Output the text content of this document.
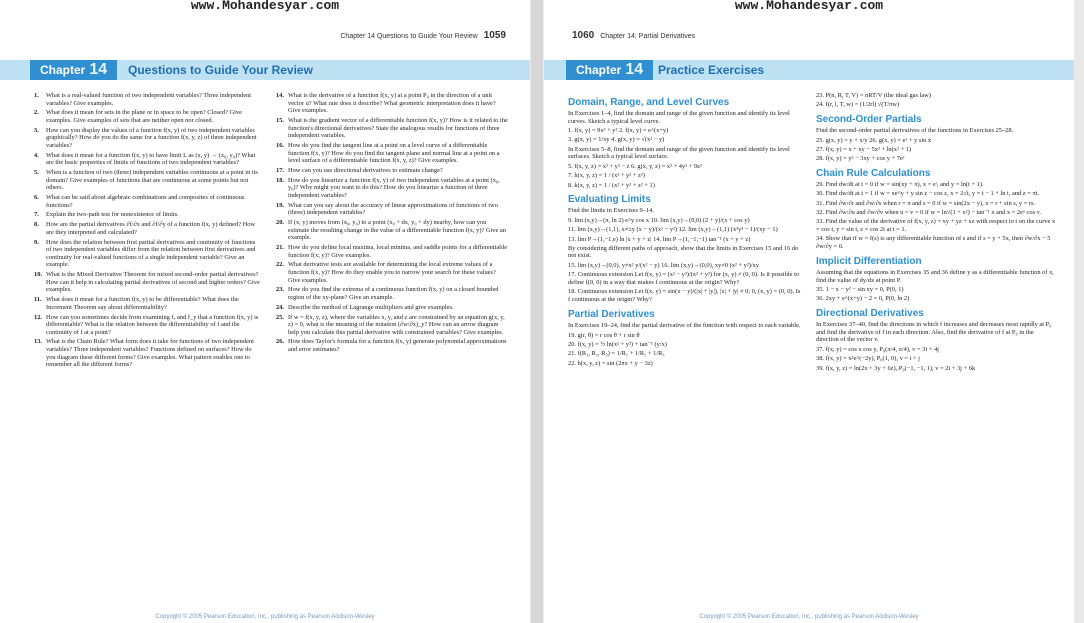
www.Mohandesyar.com
Chapter 14 Questions to Guide Your Review 1059
Chapter 14	Questions to Guide Your Review
1. What is a real-valued function of two independent variables? Three independent variables? Give examples.
2. What does it mean for sets in the plane or in space to be open? Closed? Give examples. Give examples of sets that are neither open nor closed.
3. How can you display the values of a function f(x, y) of two independent variables graphically? How do you do the same for a function f(x, y, z) of three independent variables?
4. What does it mean for a function f(x, y) to have limit L as (x, y) → (x₀, y₀)? What are the basic properties of limits of functions of two independent variables?
5. When is a function of two (three) independent variables continuous at a point in its domain? Give examples of functions that are continuous at some points but not others.
6. What can be said about algebraic combinations and composites of continuous functions?
7. Explain the two-path test for nonexistence of limits.
8. How are the partial derivatives ∂f/∂x and ∂f/∂y of a function f(x, y) defined? How are they interpreted and calculated?
9. How does the relation between first partial derivatives and continuity of functions of two independent variables differ from the relation between first derivatives and continuity for real-valued functions of a single independent variable? Give an example.
10. What is the Mixed Derivative Theorem for mixed second-order partial derivatives? How can it help in calculating partial derivatives of second and higher orders? Give examples.
11. What does it mean for a function f(x, y) to be differentiable? What does the Increment Theorem say about differentiability?
12. How can you sometimes decide from examining fₓ and f_y that a function f(x, y) is differentiable? What is the relation between the differentiability of f and the continuity of f at a point?
13. What is the Chain Rule? What form does it take for functions of two independent variables? Three independent variables? Functions defined on surfaces? How do you diagram these different forms? Give examples. What pattern enables one to remember all the different forms?
14. What is the derivative of a function f(x, y) at a point P₀ in the direction of a unit vector u? What rate does it describe? What geometric interpretation does it have? Give examples.
15. What is the gradient vector of a differentiable function f(x, y)? How is it related to the function's directional derivatives? State the analogous results for functions of three independent variables.
16. How do you find the tangent line at a point on a level curve of a differentiable function f(x, y)? How do you find the tangent plane and normal line at a point on a level surface of a differentiable function f(x, y, z)? Give examples.
17. How can you use directional derivatives to estimate change?
18. How do you linearize a function f(x, y) of two independent variables at a point (x₀, y₀)? Why might you want to do this? How do you linearize a function of three independent variables?
19. What can you say about the accuracy of linear approximations of functions of two (three) independent variables?
20. If (x, y) moves from (x₀, y₀) to a point (x₀ + dx, y₀ + dy) nearby, how can you estimate the resulting change in the value of a differentiable function f(x, y)? Give an example.
21. How do you define local maxima, local minima, and saddle points for a differentiable function f(x, y)? Give examples.
22. What derivative tests are available for determining the local extreme values of a function f(x, y)? How do they enable you to narrow your search for these values? Give examples.
23. How do you find the extrema of a continuous function f(x, y) on a closed bounded region of the xy-plane? Give an example.
24. Describe the method of Lagrange multipliers and give examples.
25. If w = f(x, y, z), where the variables x, y, and z are constrained by an equation g(x, y, z) = 0, what is the meaning of the notation (∂w/∂x)_y? How can an arrow diagram help you calculate this partial derivative with constrained variables? Give examples.
26. How does Taylor's formula for a function f(x, y) generate polynomial approximations and error estimates?
Copyright © 2005 Pearson Education, Inc., publishing as Pearson Addison-Wesley
www.Mohandesyar.com
1060 Chapter 14: Partial Derivatives
Chapter 14	Practice Exercises
Domain, Range, and Level Curves
In Exercises 1–4, find the domain and range of the given function and identify its level curves. Sketch a typical level curve.
1. f(x, y) = 9x² + y² 2. f(x, y) = e^(x+y)
3. g(x, y) = 1/xy 4. g(x, y) = √(x² − y)
In Exercises 5–8, find the domain and range of the given function and identify its level surfaces. Sketch a typical level surface.
5. f(x, y, z) = x² + y² − z 6. g(x, y, z) = x² + 4y² + 9z²
7. h(x, y, z) = 1 / (x² + y² + z²)
8. k(x, y, z) = 1 / (x² + y² + z² + 1)
Evaluating Limits
Find the limits in Exercises 9–14.
9. lim (x,y)→(π, ln 2) e^y cos x 10. lim (x,y)→(0,0) (2 + y)/(x + cos y)
11. lim (x,y)→(1,1), x≠±y (x − y)/(x² − y²) 12. lim (x,y)→(1,1) (x³y³ − 1)/(xy − 1)
13. lim P→(1,−1,e) ln |x + y + z| 14. lim P→(1,−1,−1) tan⁻¹ (x + y + z)
By considering different paths of approach, show that the limits in Exercises 15 and 16 do not exist.
15. lim (x,y)→(0,0), y≠x² y/(x² − y) 16. lim (x,y)→(0,0), xy≠0 (x² + y²)/xy
17. Continuous extension Let f(x, y) = (x² − y²)/(x² + y²) for (x, y) ≠ (0, 0). Is it possible to define f(0, 0) in a way that makes f continuous at the origin? Why?
18. Continuous extension Let f(x, y) = sin(x − y)/(|x| + |y|), |x| + |y| ≠ 0; 0, (x, y) = (0, 0). Is f continuous at the origin? Why?
Partial Derivatives
In Exercises 19–24, find the partial derivative of the function with respect to each variable.
19. g(r, θ) = r cos θ + r sin θ
20. f(x, y) = ½ ln(x² + y²) + tan⁻¹ (y/x)
21. f(R₁, R₂, R₃) = 1/R₁ + 1/R₂ + 1/R₃
22. h(x, y, z) = sin (2πx + y − 3z)
23. P(n, R, T, V) = nRT/V (the ideal gas law)
24. f(r, l, T, w) = (1/2rl) √(T/πw)
Second-Order Partials
Find the second-order partial derivatives of the functions in Exercises 25–28.
25. g(x, y) = y + x/y 26. g(x, y) = eˣ + y sin x
27. f(x, y) = x + xy − 5x³ + ln(x² + 1)
28. f(x, y) = y² − 3xy + cos y + 7eʸ
Chain Rule Calculations
29. Find dw/dt at t = 0 if w = sin(xy + π), x = eᵗ, and y = ln(t + 1).
30. Find dw/dt at t = 1 if w = xe^y + y sin z − cos z, x = 2√t, y = t − 1 + ln t, and z = πt.
31. Find ∂w/∂r and ∂w/∂s when r = π and s = 0 if w = sin(2x − y), x = r + sin s, y = rs.
32. Find ∂w/∂u and ∂w/∂v when u = v = 0 if w = ln√(1 + x²) − tan⁻¹ x and x = 2eᵘ cos v.
33. Find the value of the derivative of f(x, y, z) = xy + yz + xz with respect to t on the curve x = cos t, y = sin t, z = cos 2t at t = 1.
34. Show that if w = f(s) is any differentiable function of s and if s = y + 5x, then ∂w/∂x − 5 ∂w/∂y = 0.
Implicit Differentiation
Assuming that the equations in Exercises 35 and 36 define y as a differentiable function of x, find the value of dy/dx at point P.
35. 1 − x − y² − sin xy = 0, P(0, 1)
36. 2xy + e^(x+y) − 2 = 0, P(0, ln 2)
Directional Derivatives
In Exercises 37–40, find the directions in which f increases and decreases most rapidly at P₀ and find the derivative of f in each direction. Also, find the derivative of f at P₀ in the direction of the vector v.
37. f(x, y) = cos x cos y, P₀(π/4, π/4), v = 3i + 4j
38. f(x, y) = x²e^(−2y), P₀(1, 0), v = i + j
39. f(x, y, z) = ln(2x + 3y + 6z), P₀(−1, −1, 1), v = 2i + 3j + 6k
Copyright © 2005 Pearson Education, Inc., publishing as Pearson Addison-Wesley
